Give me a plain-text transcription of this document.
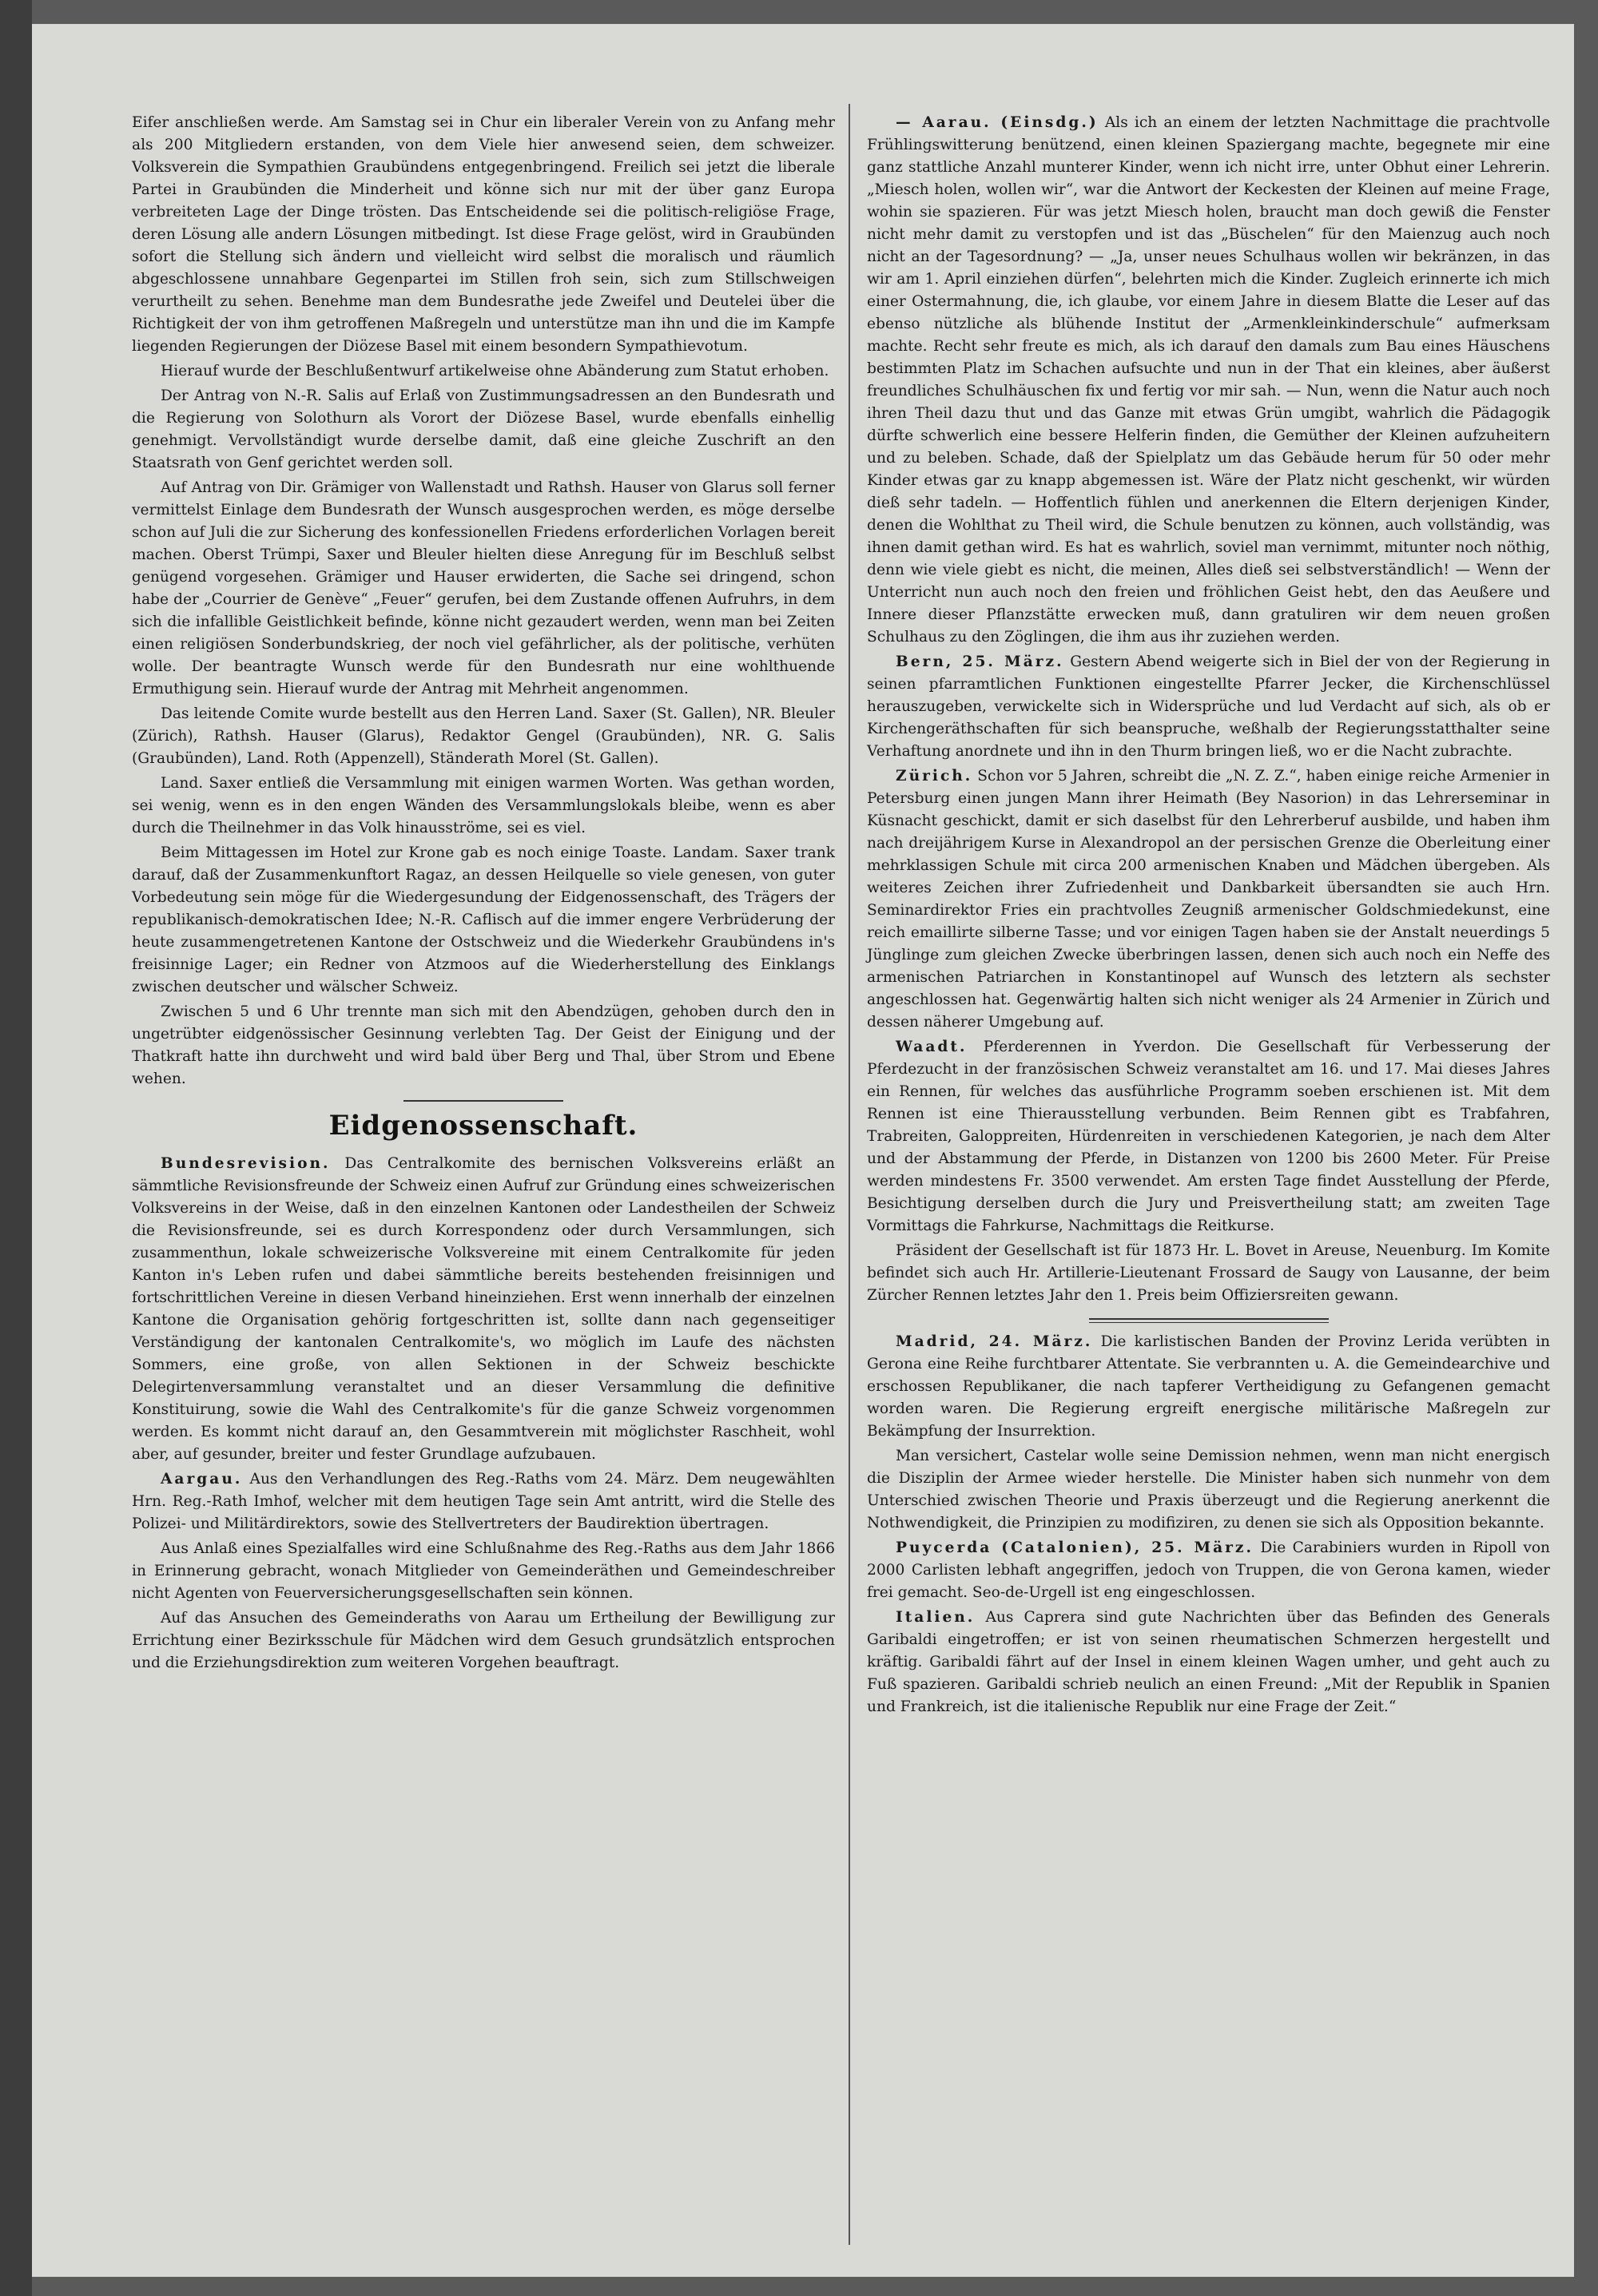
Eifer anschließen werde. Am Samstag sei in Chur ein liberaler Verein von zu Anfang mehr als 200 Mitgliedern erstanden, von dem Viele hier anwesend seien, dem schweizer. Volksverein die Sympathien Graubündens entgegenbringend. Freilich sei jetzt die liberale Partei in Graubünden die Minderheit und könne sich nur mit der über ganz Europa verbreiteten Lage der Dinge trösten. Das Entscheidende sei die politisch-religiöse Frage, deren Lösung alle andern Lösungen mitbedingt. Ist diese Frage gelöst, wird in Graubünden sofort die Stellung sich ändern und vielleicht wird selbst die moralisch und räumlich abgeschlossene unnahbare Gegenpartei im Stillen froh sein, sich zum Stillschweigen verurtheilt zu sehen. Benehme man dem Bundesrathe jede Zweifel und Deutelei über die Richtigkeit der von ihm getroffenen Maßregeln und unterstütze man ihn und die im Kampfe liegenden Regierungen der Diözese Basel mit einem besondern Sympathievotum.

Hierauf wurde der Beschlußentwurf artikelweise ohne Abänderung zum Statut erhoben.

Der Antrag von N.-R. Salis auf Erlaß von Zustimmungsadressen an den Bundesrath und die Regierung von Solothurn als Vorort der Diözese Basel, wurde ebenfalls einhellig genehmigt. Vervollständigt wurde derselbe damit, daß eine gleiche Zuschrift an den Staatsrath von Genf gerichtet werden soll.

Auf Antrag von Dir. Grämiger von Wallenstadt und Rathsh. Hauser von Glarus soll ferner vermittelst Einlage dem Bundesrath der Wunsch ausgesprochen werden, es möge derselbe schon auf Juli die zur Sicherung des konfessionellen Friedens erforderlichen Vorlagen bereit machen. Oberst Trümpi, Saxer und Bleuler hielten diese Anregung für im Beschluß selbst genügend vorgesehen. Grämiger und Hauser erwiderten, die Sache sei dringend, schon habe der „Courrier de Genève“ „Feuer“ gerufen, bei dem Zustande offenen Aufruhrs, in dem sich die infallible Geistlichkeit befinde, könne nicht gezaudert werden, wenn man bei Zeiten einen religiösen Sonderbundskrieg, der noch viel gefährlicher, als der politische, verhüten wolle. Der beantragte Wunsch werde für den Bundesrath nur eine wohlthuende Ermuthigung sein. Hierauf wurde der Antrag mit Mehrheit angenommen.

Das leitende Comite wurde bestellt aus den Herren Land. Saxer (St. Gallen), NR. Bleuler (Zürich), Rathsh. Hauser (Glarus), Redaktor Gengel (Graubünden), NR. G. Salis (Graubünden), Land. Roth (Appenzell), Ständerath Morel (St. Gallen).

Land. Saxer entließ die Versammlung mit einigen warmen Worten. Was gethan worden, sei wenig, wenn es in den engen Wänden des Versammlungslokals bleibe, wenn es aber durch die Theilnehmer in das Volk hinausströme, sei es viel.

Beim Mittagessen im Hotel zur Krone gab es noch einige Toaste. Landam. Saxer trank darauf, daß der Zusammenkunftort Ragaz, an dessen Heilquelle so viele genesen, von guter Vorbedeutung sein möge für die Wiedergesundung der Eidgenossenschaft, des Trägers der republikanisch-demokratischen Idee; N.-R. Caflisch auf die immer engere Verbrüderung der heute zusammengetretenen Kantone der Ostschweiz und die Wiederkehr Graubündens in's freisinnige Lager; ein Redner von Atzmoos auf die Wiederherstellung des Einklangs zwischen deutscher und wälscher Schweiz.

Zwischen 5 und 6 Uhr trennte man sich mit den Abendzügen, gehoben durch den in ungetrübter eidgenössischer Gesinnung verlebten Tag. Der Geist der Einigung und der Thatkraft hatte ihn durchweht und wird bald über Berg und Thal, über Strom und Ebene wehen.

Eidgenossenschaft.

Bundesrevision. Das Centralkomite des bernischen Volksvereins erläßt an sämmtliche Revisionsfreunde der Schweiz einen Aufruf zur Gründung eines schweizerischen Volksvereins in der Weise, daß in den einzelnen Kantonen oder Landestheilen der Schweiz die Revisionsfreunde, sei es durch Korrespondenz oder durch Versammlungen, sich zusammenthun, lokale schweizerische Volksvereine mit einem Centralkomite für jeden Kanton in's Leben rufen und dabei sämmtliche bereits bestehenden freisinnigen und fortschrittlichen Vereine in diesen Verband hineinziehen. Erst wenn innerhalb der einzelnen Kantone die Organisation gehörig fortgeschritten ist, sollte dann nach gegenseitiger Verständigung der kantonalen Centralkomite's, wo möglich im Laufe des nächsten Sommers, eine große, von allen Sektionen in der Schweiz beschickte Delegirtenversammlung veranstaltet und an dieser Versammlung die definitive Konstituirung, sowie die Wahl des Centralkomite's für die ganze Schweiz vorgenommen werden. Es kommt nicht darauf an, den Gesammtverein mit möglichster Raschheit, wohl aber, auf gesunder, breiter und fester Grundlage aufzubauen.

Aargau. Aus den Verhandlungen des Reg.-Raths vom 24. März. Dem neugewählten Hrn. Reg.-Rath Imhof, welcher mit dem heutigen Tage sein Amt antritt, wird die Stelle des Polizei- und Militärdirektors, sowie des Stellvertreters der Baudirektion übertragen.

Aus Anlaß eines Spezialfalles wird eine Schlußnahme des Reg.-Raths aus dem Jahr 1866 in Erinnerung gebracht, wonach Mitglieder von Gemeinderäthen und Gemeindeschreiber nicht Agenten von Feuerversicherungsgesellschaften sein können.

Auf das Ansuchen des Gemeinderaths von Aarau um Ertheilung der Bewilligung zur Errichtung einer Bezirksschule für Mädchen wird dem Gesuch grundsätzlich entsprochen und die Erziehungsdirektion zum weiteren Vorgehen beauftragt.

— Aarau. (Einsdg.) Als ich an einem der letzten Nachmittage die prachtvolle Frühlingswitterung benützend, einen kleinen Spaziergang machte, begegnete mir eine ganz stattliche Anzahl munterer Kinder, wenn ich nicht irre, unter Obhut einer Lehrerin. „Miesch holen, wollen wir“, war die Antwort der Keckesten der Kleinen auf meine Frage, wohin sie spazieren. Für was jetzt Miesch holen, braucht man doch gewiß die Fenster nicht mehr damit zu verstopfen und ist das „Büschelen“ für den Maienzug auch noch nicht an der Tagesordnung? — „Ja, unser neues Schulhaus wollen wir bekränzen, in das wir am 1. April einziehen dürfen“, belehrten mich die Kinder. Zugleich erinnerte ich mich einer Ostermahnung, die, ich glaube, vor einem Jahre in diesem Blatte die Leser auf das ebenso nützliche als blühende Institut der „Armenkleinkinderschule“ aufmerksam machte. Recht sehr freute es mich, als ich darauf den damals zum Bau eines Häuschens bestimmten Platz im Schachen aufsuchte und nun in der That ein kleines, aber äußerst freundliches Schulhäuschen fix und fertig vor mir sah. — Nun, wenn die Natur auch noch ihren Theil dazu thut und das Ganze mit etwas Grün umgibt, wahrlich die Pädagogik dürfte schwerlich eine bessere Helferin finden, die Gemüther der Kleinen aufzuheitern und zu beleben. Schade, daß der Spielplatz um das Gebäude herum für 50 oder mehr Kinder etwas gar zu knapp abgemessen ist. Wäre der Platz nicht geschenkt, wir würden dieß sehr tadeln. — Hoffentlich fühlen und anerkennen die Eltern derjenigen Kinder, denen die Wohlthat zu Theil wird, die Schule benutzen zu können, auch vollständig, was ihnen damit gethan wird. Es hat es wahrlich, soviel man vernimmt, mitunter noch nöthig, denn wie viele giebt es nicht, die meinen, Alles dieß sei selbstverständlich! — Wenn der Unterricht nun auch noch den freien und fröhlichen Geist hebt, den das Aeußere und Innere dieser Pflanzstätte erwecken muß, dann gratuliren wir dem neuen großen Schulhaus zu den Zöglingen, die ihm aus ihr zuziehen werden.

Bern, 25. März. Gestern Abend weigerte sich in Biel der von der Regierung in seinen pfarramtlichen Funktionen eingestellte Pfarrer Jecker, die Kirchenschlüssel herauszugeben, verwickelte sich in Widersprüche und lud Verdacht auf sich, als ob er Kirchengeräthschaften für sich beanspruche, weßhalb der Regierungsstatthalter seine Verhaftung anordnete und ihn in den Thurm bringen ließ, wo er die Nacht zubrachte.

Zürich. Schon vor 5 Jahren, schreibt die „N. Z. Z.“, haben einige reiche Armenier in Petersburg einen jungen Mann ihrer Heimath (Bey Nasorion) in das Lehrerseminar in Küsnacht geschickt, damit er sich daselbst für den Lehrerberuf ausbilde, und haben ihm nach dreijährigem Kurse in Alexandropol an der persischen Grenze die Oberleitung einer mehrklassigen Schule mit circa 200 armenischen Knaben und Mädchen übergeben. Als weiteres Zeichen ihrer Zufriedenheit und Dankbarkeit übersandten sie auch Hrn. Seminardirektor Fries ein prachtvolles Zeugniß armenischer Goldschmiedekunst, eine reich emaillirte silberne Tasse; und vor einigen Tagen haben sie der Anstalt neuerdings 5 Jünglinge zum gleichen Zwecke überbringen lassen, denen sich auch noch ein Neffe des armenischen Patriarchen in Konstantinopel auf Wunsch des letztern als sechster angeschlossen hat. Gegenwärtig halten sich nicht weniger als 24 Armenier in Zürich und dessen näherer Umgebung auf.

Waadt. Pferderennen in Yverdon. Die Gesellschaft für Verbesserung der Pferdezucht in der französischen Schweiz veranstaltet am 16. und 17. Mai dieses Jahres ein Rennen, für welches das ausführliche Programm soeben erschienen ist. Mit dem Rennen ist eine Thierausstellung verbunden. Beim Rennen gibt es Trabfahren, Trabreiten, Galoppreiten, Hürdenreiten in verschiedenen Kategorien, je nach dem Alter und der Abstammung der Pferde, in Distanzen von 1200 bis 2600 Meter. Für Preise werden mindestens Fr. 3500 verwendet. Am ersten Tage findet Ausstellung der Pferde, Besichtigung derselben durch die Jury und Preisvertheilung statt; am zweiten Tage Vormittags die Fahrkurse, Nachmittags die Reitkurse.

Präsident der Gesellschaft ist für 1873 Hr. L. Bovet in Areuse, Neuenburg. Im Komite befindet sich auch Hr. Artillerie-Lieutenant Frossard de Saugy von Lausanne, der beim Zürcher Rennen letztes Jahr den 1. Preis beim Offiziersreiten gewann.

Madrid, 24. März. Die karlistischen Banden der Provinz Lerida verübten in Gerona eine Reihe furchtbarer Attentate. Sie verbrannten u. A. die Gemeindearchive und erschossen Republikaner, die nach tapferer Vertheidigung zu Gefangenen gemacht worden waren. Die Regierung ergreift energische militärische Maßregeln zur Bekämpfung der Insurrektion.

Man versichert, Castelar wolle seine Demission nehmen, wenn man nicht energisch die Disziplin der Armee wieder herstelle. Die Minister haben sich nunmehr von dem Unterschied zwischen Theorie und Praxis überzeugt und die Regierung anerkennt die Nothwendigkeit, die Prinzipien zu modifiziren, zu denen sie sich als Opposition bekannte.

Puycerda (Catalonien), 25. März. Die Carabiniers wurden in Ripoll von 2000 Carlisten lebhaft angegriffen, jedoch von Truppen, die von Gerona kamen, wieder frei gemacht. Seo-de-Urgell ist eng eingeschlossen.

Italien. Aus Caprera sind gute Nachrichten über das Befinden des Generals Garibaldi eingetroffen; er ist von seinen rheumatischen Schmerzen hergestellt und kräftig. Garibaldi fährt auf der Insel in einem kleinen Wagen umher, und geht auch zu Fuß spazieren. Garibaldi schrieb neulich an einen Freund: „Mit der Republik in Spanien und Frankreich, ist die italienische Republik nur eine Frage der Zeit.“
